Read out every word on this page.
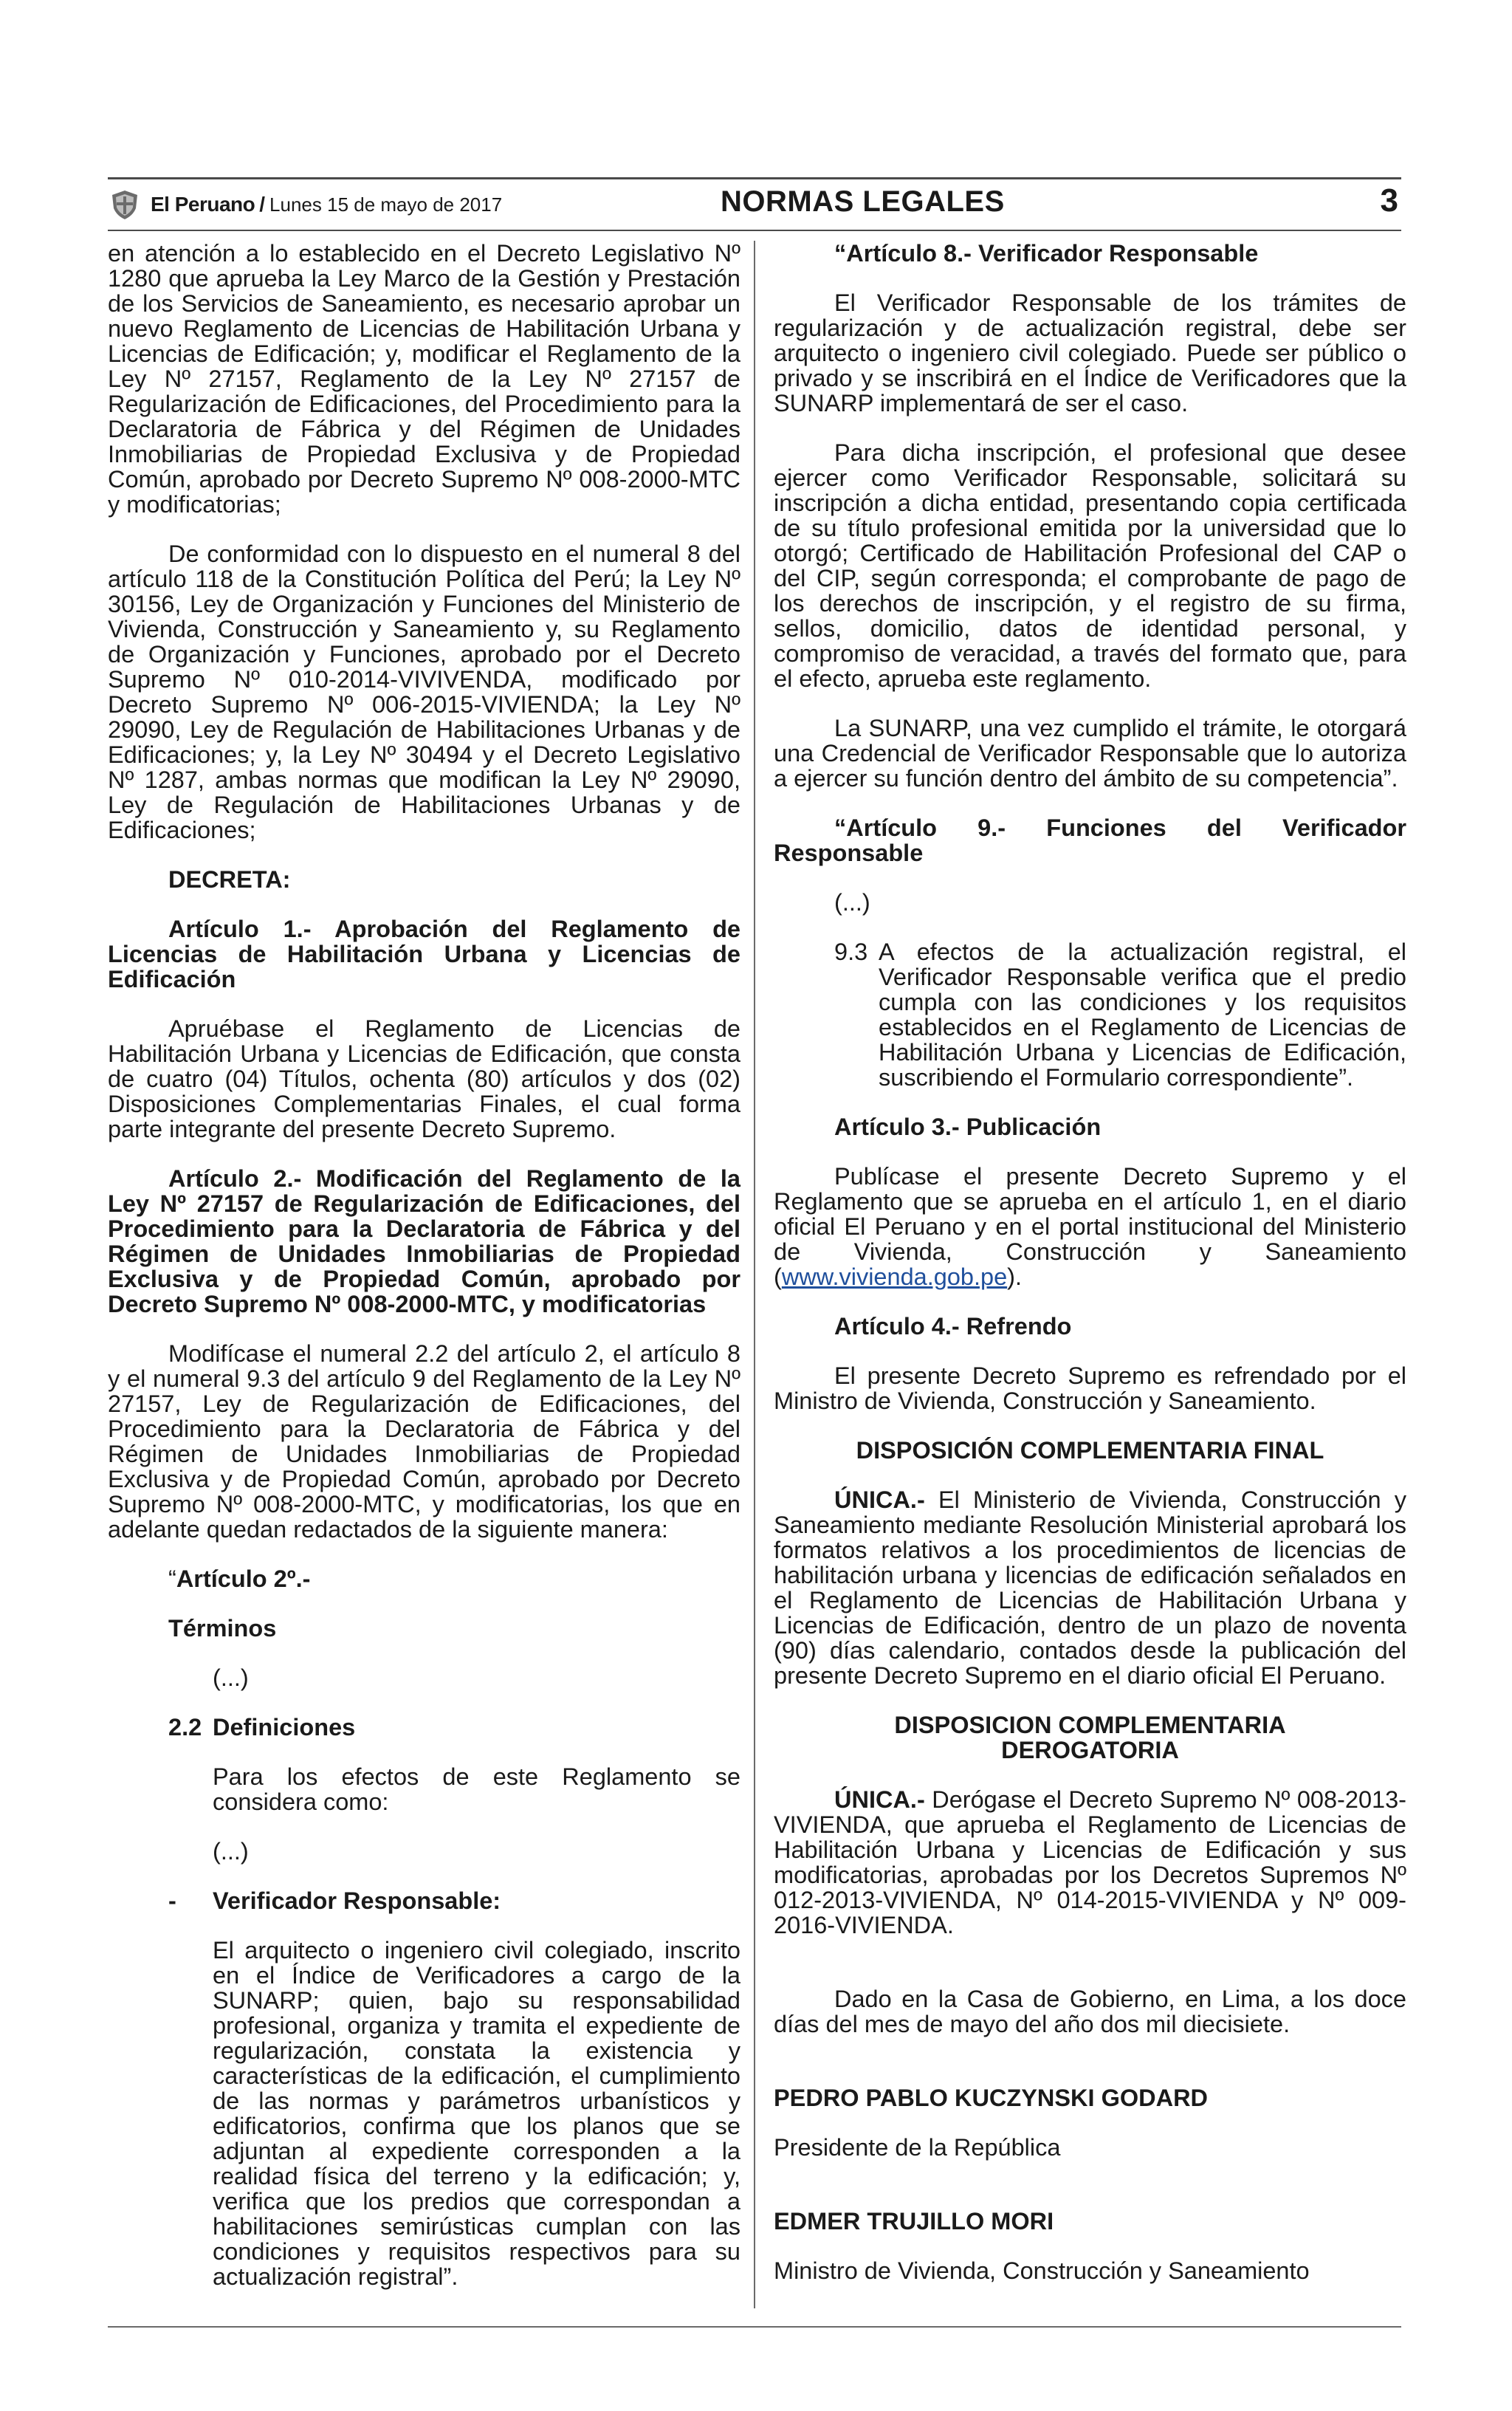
El Peruano / Lunes 15 de mayo de 2017	NORMAS LEGALES	3

en atención a lo establecido en el Decreto Legislativo Nº 1280 que aprueba la Ley Marco de la Gestión y Prestación de los Servicios de Saneamiento, es necesario aprobar un nuevo Reglamento de Licencias de Habilitación Urbana y Licencias de Edificación; y, modificar el Reglamento de la Ley Nº 27157, Reglamento de la Ley Nº 27157 de Regularización de Edificaciones, del Procedimiento para la Declaratoria de Fábrica y del Régimen de Unidades Inmobiliarias de Propiedad Exclusiva y de Propiedad Común, aprobado por Decreto Supremo Nº 008-2000-MTC y modificatorias;

De conformidad con lo dispuesto en el numeral 8 del artículo 118 de la Constitución Política del Perú; la Ley Nº 30156, Ley de Organización y Funciones del Ministerio de Vivienda, Construcción y Saneamiento y, su Reglamento de Organización y Funciones, aprobado por el Decreto Supremo Nº 010-2014-VIVIVENDA, modificado por Decreto Supremo Nº 006-2015-VIVIENDA; la Ley Nº 29090, Ley de Regulación de Habilitaciones Urbanas y de Edificaciones; y, la Ley Nº 30494 y el Decreto Legislativo Nº 1287, ambas normas que modifican la Ley Nº 29090, Ley de Regulación de Habilitaciones Urbanas y de Edificaciones;

DECRETA:

Artículo 1.- Aprobación del Reglamento de Licencias de Habilitación Urbana y Licencias de Edificación

Apruébase el Reglamento de Licencias de Habilitación Urbana y Licencias de Edificación, que consta de cuatro (04) Títulos, ochenta (80) artículos y dos (02) Disposiciones Complementarias Finales, el cual forma parte integrante del presente Decreto Supremo.

Artículo 2.- Modificación del Reglamento de la Ley Nº 27157 de Regularización de Edificaciones, del Procedimiento para la Declaratoria de Fábrica y del Régimen de Unidades Inmobiliarias de Propiedad Exclusiva y de Propiedad Común, aprobado por Decreto Supremo Nº 008-2000-MTC, y modificatorias

Modifícase el numeral 2.2 del artículo 2, el artículo 8 y el numeral 9.3 del artículo 9 del Reglamento de la Ley Nº 27157, Ley de Regularización de Edificaciones, del Procedimiento para la Declaratoria de Fábrica y del Régimen de Unidades Inmobiliarias de Propiedad Exclusiva y de Propiedad Común, aprobado por Decreto Supremo Nº 008-2000-MTC, y modificatorias, los que en adelante quedan redactados de la siguiente manera:

“Artículo 2º.-

Términos

(...)

2.2 Definiciones

Para los efectos de este Reglamento se considera como:

(...)

-	Verificador Responsable:

El arquitecto o ingeniero civil colegiado, inscrito en el Índice de Verificadores a cargo de la SUNARP; quien, bajo su responsabilidad profesional, organiza y tramita el expediente de regularización, constata la existencia y características de la edificación, el cumplimiento de las normas y parámetros urbanísticos y edificatorios, confirma que los planos que se adjuntan al expediente corresponden a la realidad física del terreno y la edificación; y, verifica que los predios que correspondan a habilitaciones semirústicas cumplan con las condiciones y requisitos respectivos para su actualización registral”.

“Artículo 8.- Verificador Responsable

El Verificador Responsable de los trámites de regularización y de actualización registral, debe ser arquitecto o ingeniero civil colegiado. Puede ser público o privado y se inscribirá en el Índice de Verificadores que la SUNARP implementará de ser el caso.

Para dicha inscripción, el profesional que desee ejercer como Verificador Responsable, solicitará su inscripción a dicha entidad, presentando copia certificada de su título profesional emitida por la universidad que lo otorgó; Certificado de Habilitación Profesional del CAP o del CIP, según corresponda; el comprobante de pago de los derechos de inscripción, y el registro de su firma, sellos, domicilio, datos de identidad personal, y compromiso de veracidad, a través del formato que, para el efecto, aprueba este reglamento.

La SUNARP, una vez cumplido el trámite, le otorgará una Credencial de Verificador Responsable que lo autoriza a ejercer su función dentro del ámbito de su competencia”.

“Artículo 9.- Funciones del Verificador Responsable

(...)

9.3 A efectos de la actualización registral, el Verificador Responsable verifica que el predio cumpla con las condiciones y los requisitos establecidos en el Reglamento de Licencias de Habilitación Urbana y Licencias de Edificación, suscribiendo el Formulario correspondiente”.

Artículo 3.- Publicación

Publícase el presente Decreto Supremo y el Reglamento que se aprueba en el artículo 1, en el diario oficial El Peruano y en el portal institucional del Ministerio de Vivienda, Construcción y Saneamiento (www.vivienda.gob.pe).

Artículo 4.- Refrendo

El presente Decreto Supremo es refrendado por el Ministro de Vivienda, Construcción y Saneamiento.

DISPOSICIÓN COMPLEMENTARIA FINAL

ÚNICA.- El Ministerio de Vivienda, Construcción y Saneamiento mediante Resolución Ministerial aprobará los formatos relativos a los procedimientos de licencias de habilitación urbana y licencias de edificación señalados en el Reglamento de Licencias de Habilitación Urbana y Licencias de Edificación, dentro de un plazo de noventa (90) días calendario, contados desde la publicación del presente Decreto Supremo en el diario oficial El Peruano.

DISPOSICION COMPLEMENTARIA

DEROGATORIA

ÚNICA.- Derógase el Decreto Supremo Nº 008-2013-VIVIENDA, que aprueba el Reglamento de Licencias de Habilitación Urbana y Licencias de Edificación y sus modificatorias, aprobadas por los Decretos Supremos Nº 012-2013-VIVIENDA, Nº 014-2015-VIVIENDA y Nº 009-2016-VIVIENDA.

Dado en la Casa de Gobierno, en Lima, a los doce días del mes de mayo del año dos mil diecisiete.

PEDRO PABLO KUCZYNSKI GODARD

Presidente de la República

EDMER TRUJILLO MORI

Ministro de Vivienda, Construcción y Saneamiento
